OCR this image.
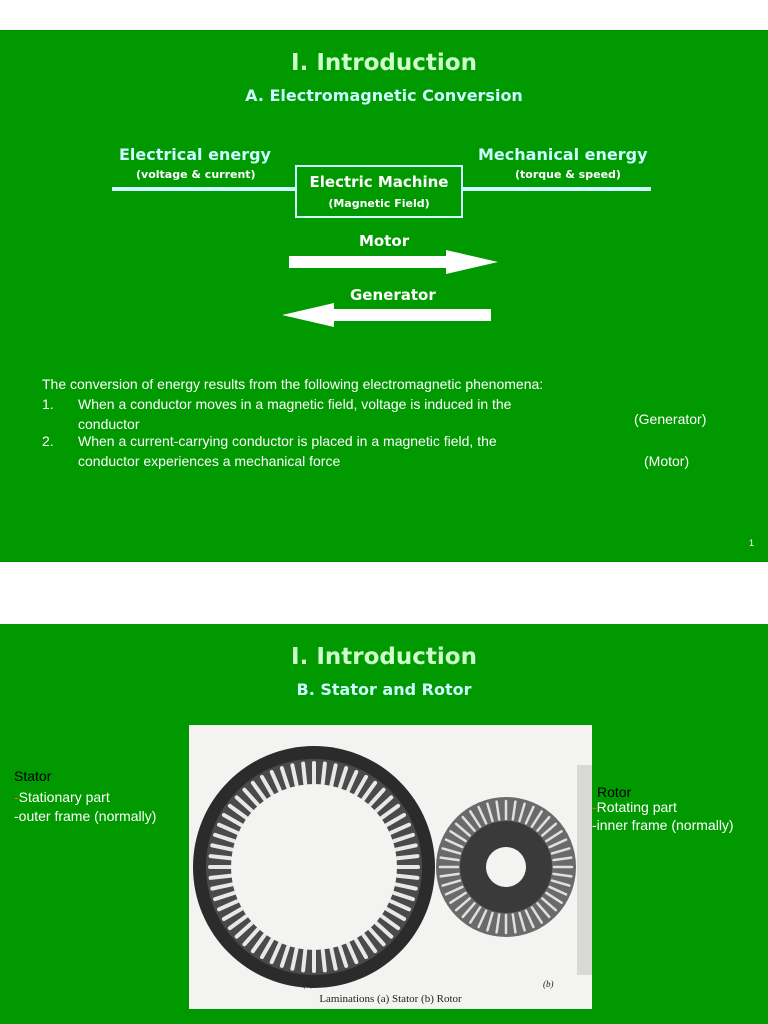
I. Introduction
A. Electromagnetic Conversion
Electrical energy
(voltage & current)
Mechanical energy
(torque & speed)
Electric Machine
(Magnetic Field)
Motor
Generator
The conversion of energy results from the following electromagnetic phenomena:
1. When a conductor moves in a magnetic field, voltage is induced in the
conductor	(Generator)
2. When a current-carrying conductor is placed in a magnetic field, the
conductor experiences a mechanical force	(Motor)
1
I. Introduction
B. Stator and Rotor
Stator
-Stationary part
-outer frame (normally)
Rotor
-Rotating part
-inner frame (normally)
(a)	(b)
Laminations (a) Stator (b) Rotor
